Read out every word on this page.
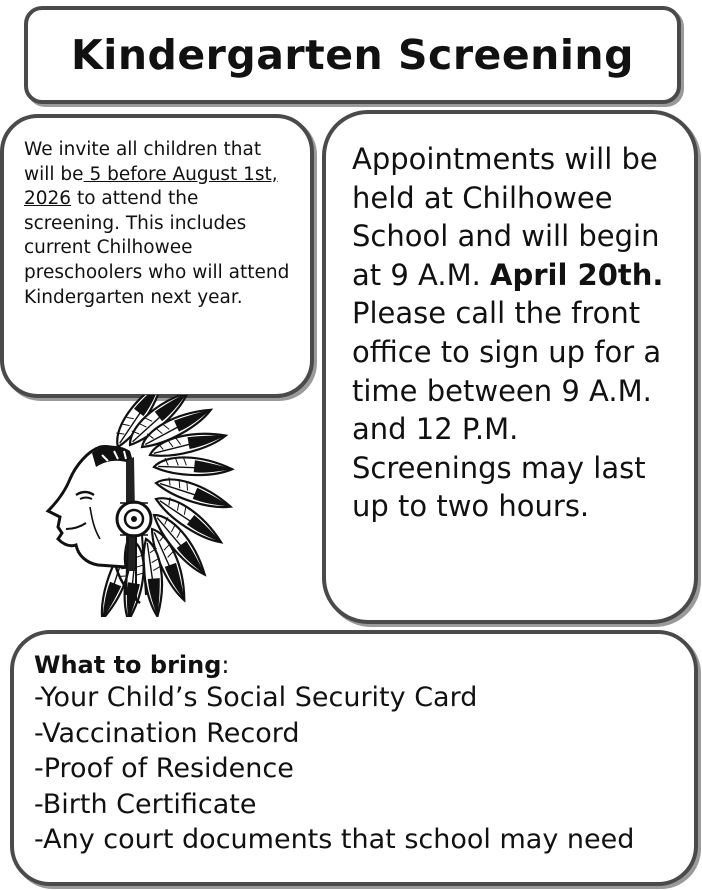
Kindergarten Screening
We invite all children that will be 5 before August 1st, 2026 to attend the screening. This includes current Chilhowee preschoolers who will attend Kindergarten next year.
Appointments will be held at Chilhowee School and will begin at 9 A.M. April 20th. Please call the front office to sign up for a time between 9 A.M. and 12 P.M.
Screenings may last up to two hours.
What to bring:
-Your Child’s Social Security Card
-Vaccination Record
-Proof of Residence
-Birth Certificate
-Any court documents that school may need
